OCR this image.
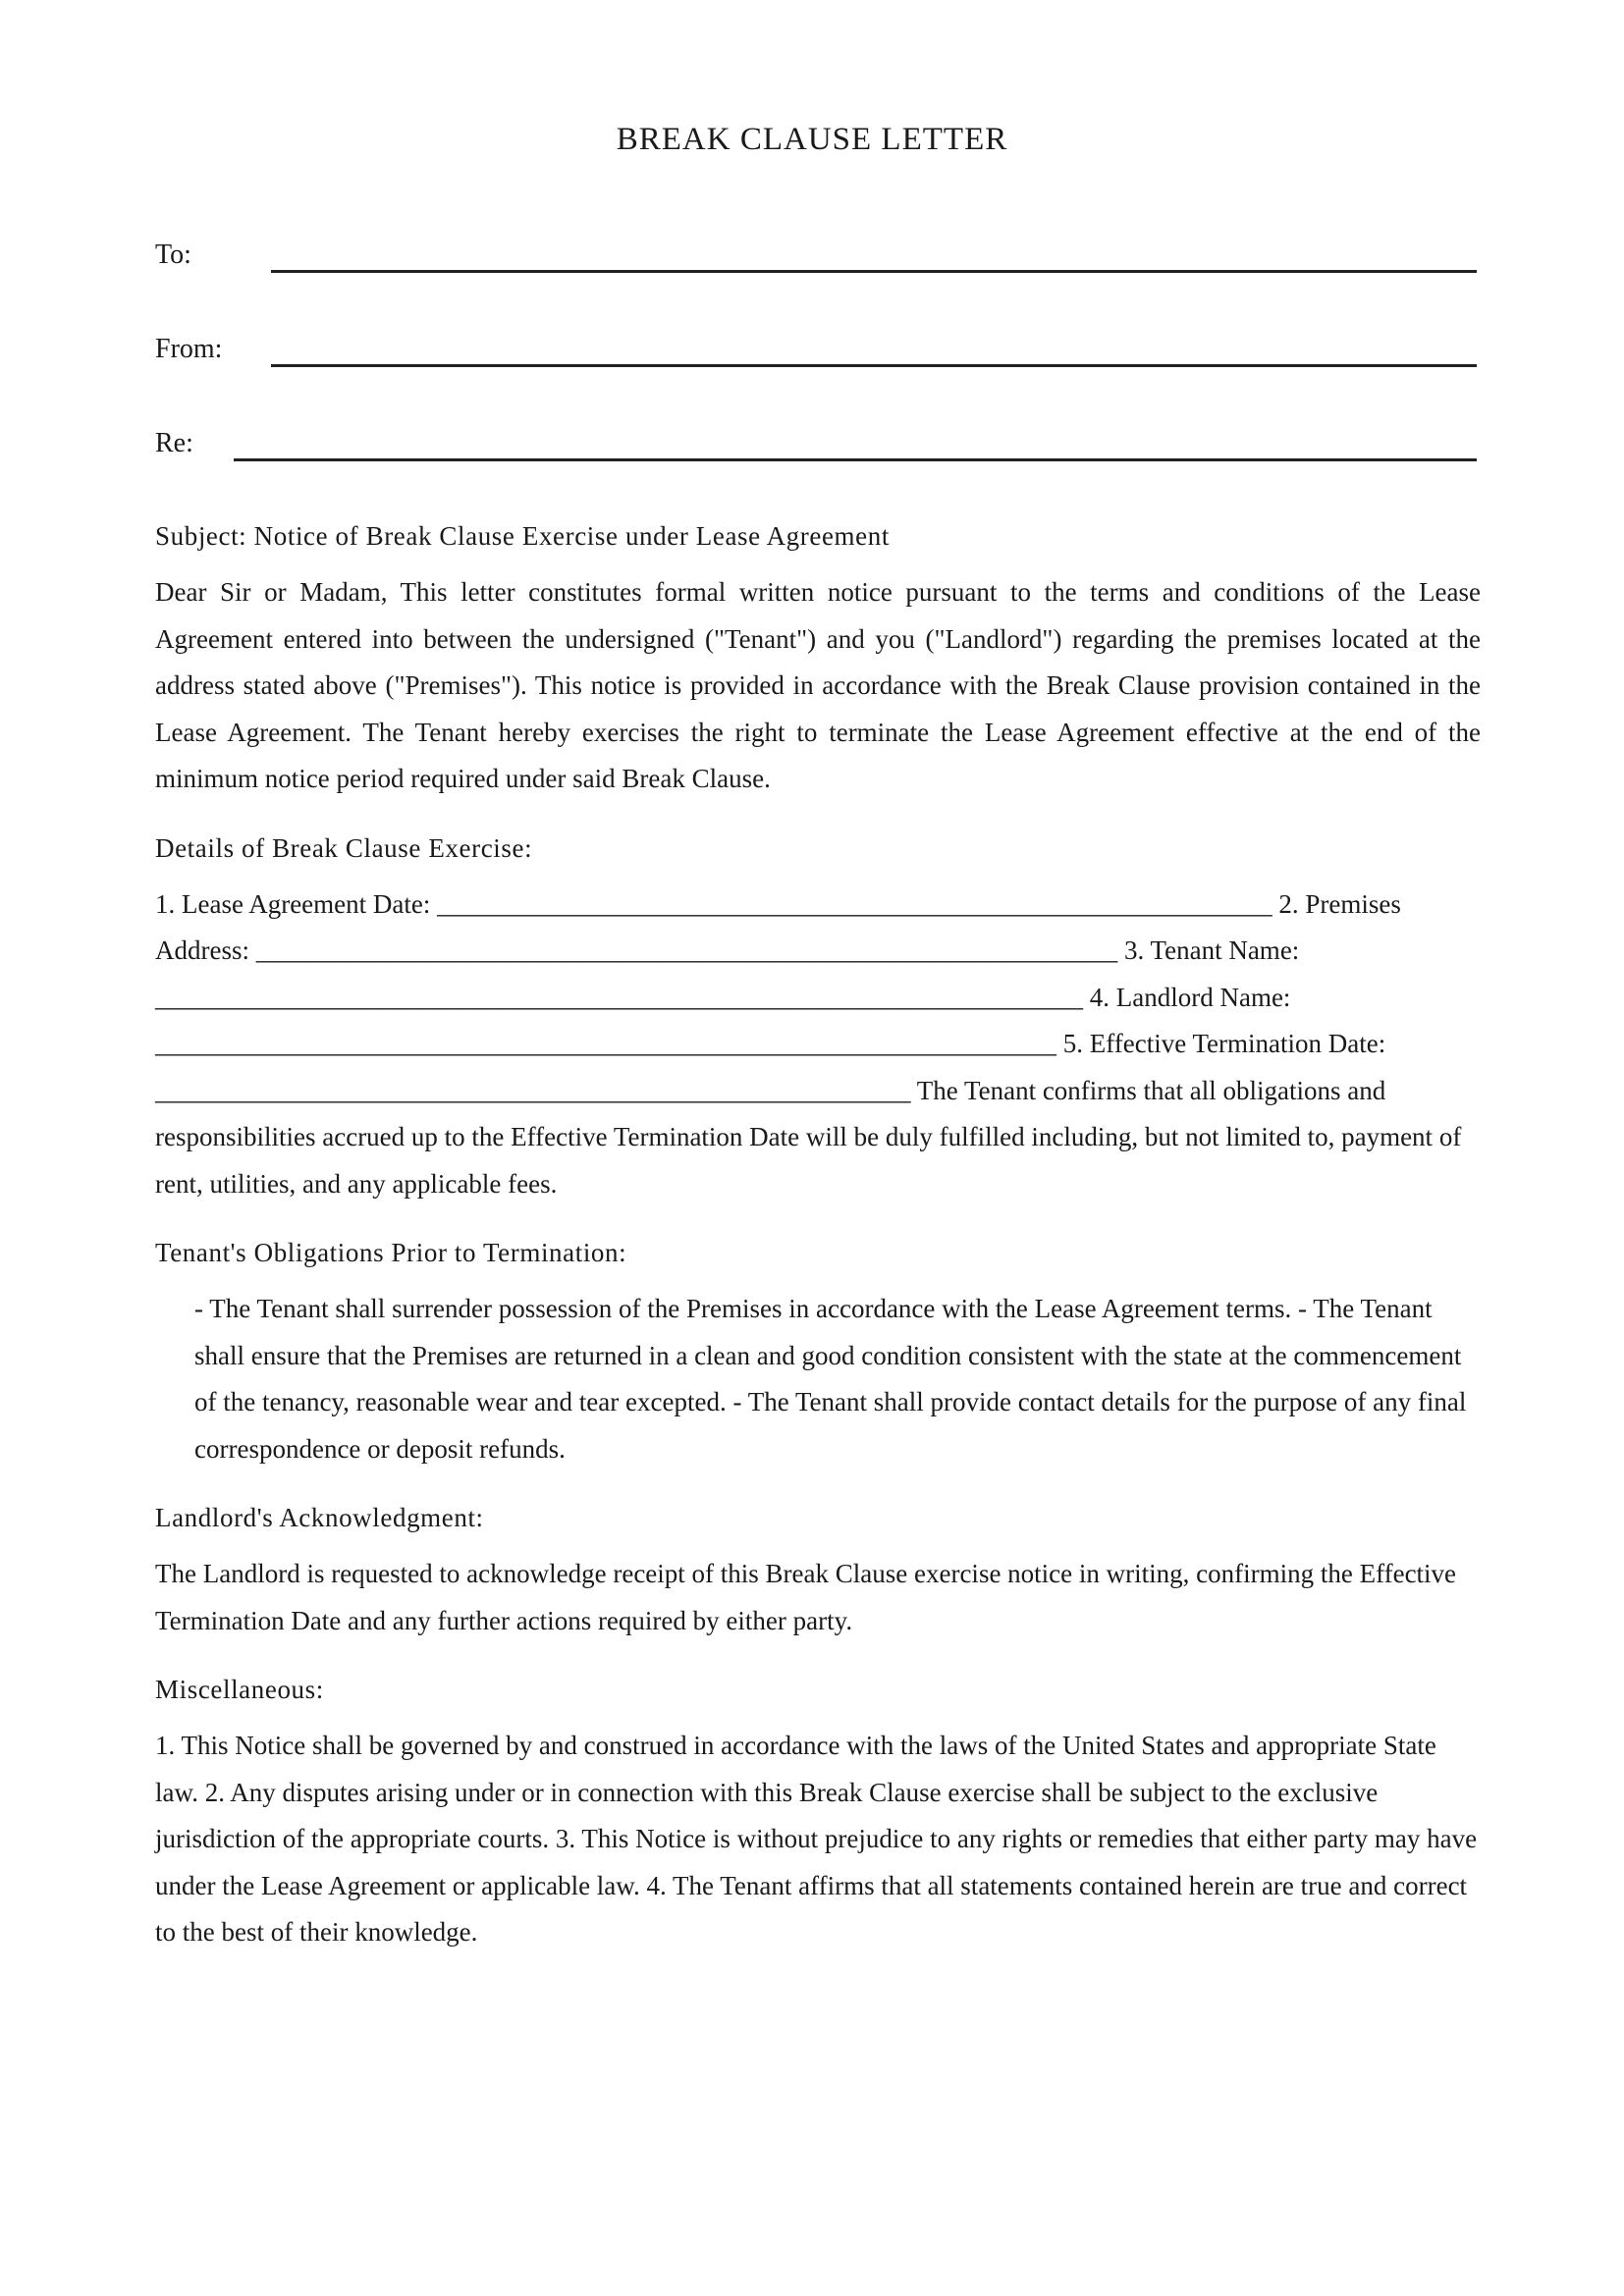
BREAK CLAUSE LETTER
To:
From:
Re:
Subject: Notice of Break Clause Exercise under Lease Agreement

Dear Sir or Madam, This letter constitutes formal written notice pursuant to the terms and conditions of the Lease Agreement entered into between the undersigned ("Tenant") and you ("Landlord") regarding the premises located at the address stated above ("Premises"). This notice is provided in accordance with the Break Clause provision contained in the Lease Agreement. The Tenant hereby exercises the right to terminate the Lease Agreement effective at the end of the minimum notice period required under said Break Clause.

Details of Break Clause Exercise:

1. Lease Agreement Date: _______________________________________________________________ 2. Premises Address: _________________________________________________________________ 3. Tenant Name: ______________________________________________________________________ 4. Landlord Name: ____________________________________________________________________ 5. Effective Termination Date: _________________________________________________________ The Tenant confirms that all obligations and responsibilities accrued up to the Effective Termination Date will be duly fulfilled including, but not limited to, payment of rent, utilities, and any applicable fees.

Tenant's Obligations Prior to Termination:

- The Tenant shall surrender possession of the Premises in accordance with the Lease Agreement terms. - The Tenant shall ensure that the Premises are returned in a clean and good condition consistent with the state at the commencement of the tenancy, reasonable wear and tear excepted. - The Tenant shall provide contact details for the purpose of any final correspondence or deposit refunds.

Landlord's Acknowledgment:

The Landlord is requested to acknowledge receipt of this Break Clause exercise notice in writing, confirming the Effective Termination Date and any further actions required by either party.

Miscellaneous:

1. This Notice shall be governed by and construed in accordance with the laws of the United States and appropriate State law. 2. Any disputes arising under or in connection with this Break Clause exercise shall be subject to the exclusive jurisdiction of the appropriate courts. 3. This Notice is without prejudice to any rights or remedies that either party may have under the Lease Agreement or applicable law. 4. The Tenant affirms that all statements contained herein are true and correct to the best of their knowledge.
